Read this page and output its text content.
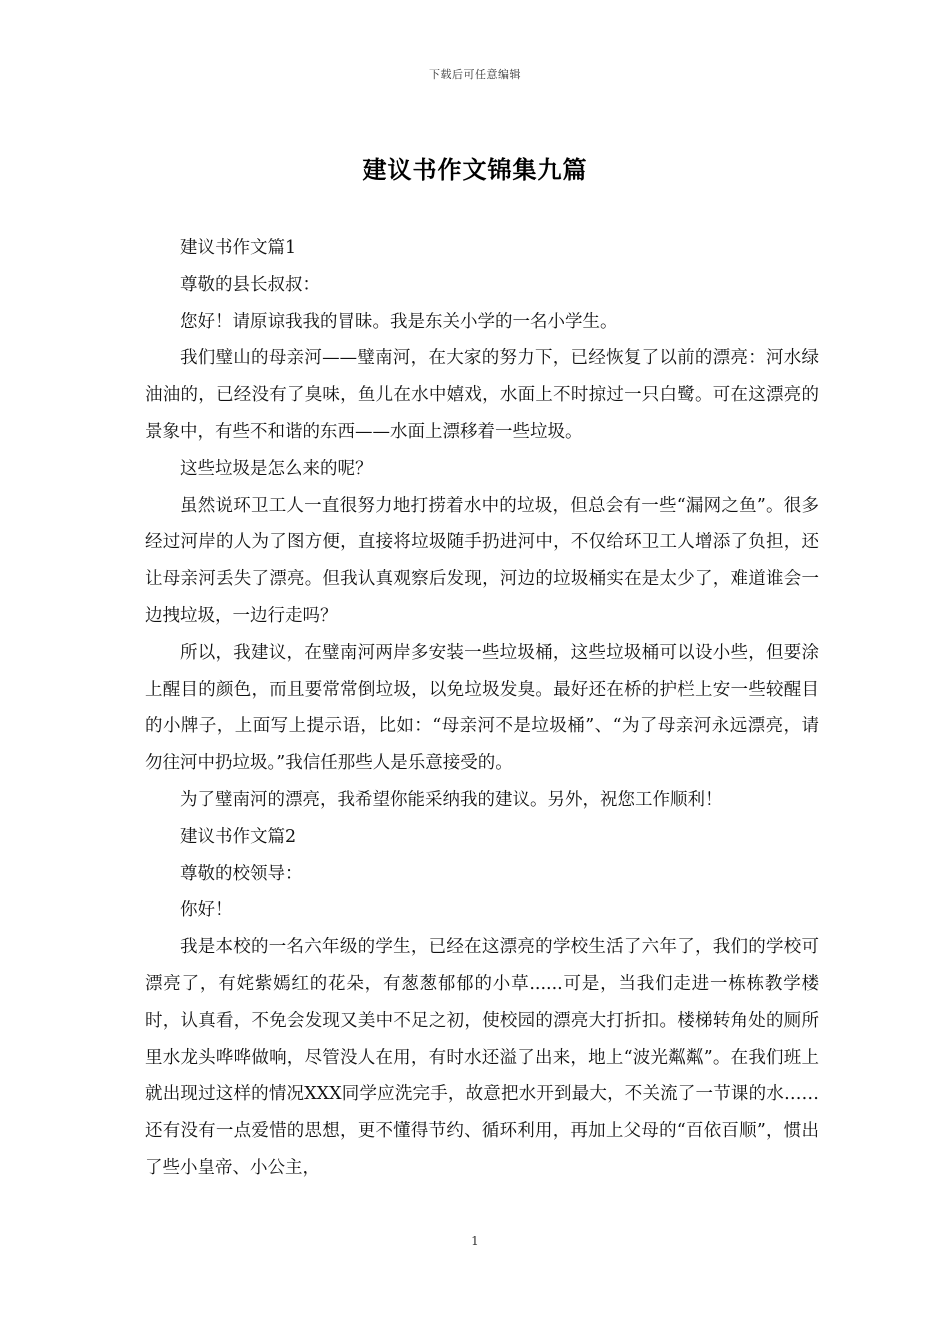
下载后可任意编辑
建议书作文锦集九篇

建议书作文篇1

尊敬的县长叔叔：

您好！请原谅我我的冒昧。我是东关小学的一名小学生。

我们璧山的母亲河——璧南河，在大家的努力下，已经恢复了以前的漂亮：河水绿油油的，已经没有了臭味，鱼儿在水中嬉戏，水面上不时掠过一只白鹭。可在这漂亮的景象中，有些不和谐的东西——水面上漂移着一些垃圾。

这些垃圾是怎么来的呢？

虽然说环卫工人一直很努力地打捞着水中的垃圾，但总会有一些“漏网之鱼”。很多经过河岸的人为了图方便，直接将垃圾随手扔进河中，不仅给环卫工人增添了负担，还让母亲河丢失了漂亮。但我认真观察后发现，河边的垃圾桶实在是太少了，难道谁会一边拽垃圾，一边行走吗？

所以，我建议，在璧南河两岸多安装一些垃圾桶，这些垃圾桶可以设小些，但要涂上醒目的颜色，而且要常常倒垃圾，以免垃圾发臭。最好还在桥的护栏上安一些较醒目的小牌子，上面写上提示语，比如：“母亲河不是垃圾桶”、“为了母亲河永远漂亮，请勿往河中扔垃圾。”我信任那些人是乐意接受的。

为了璧南河的漂亮，我希望你能采纳我的建议。另外，祝您工作顺利！

建议书作文篇2

尊敬的校领导：

你好！

我是本校的一名六年级的学生，已经在这漂亮的学校生活了六年了，我们的学校可漂亮了，有姹紫嫣红的花朵，有葱葱郁郁的小草......可是，当我们走进一栋栋教学楼时，认真看，不免会发现又美中不足之初，使校园的漂亮大打折扣。楼梯转角处的厕所里水龙头哗哗做响，尽管没人在用，有时水还溢了出来，地上“波光粼粼”。在我们班上就出现过这样的情况XXX同学应洗完手，故意把水开到最大，不关流了一节课的水……还有没有一点爱惜的思想，更不懂得节约、循环利用，再加上父母的“百依百顺”，惯出了些小皇帝、小公主，

1
